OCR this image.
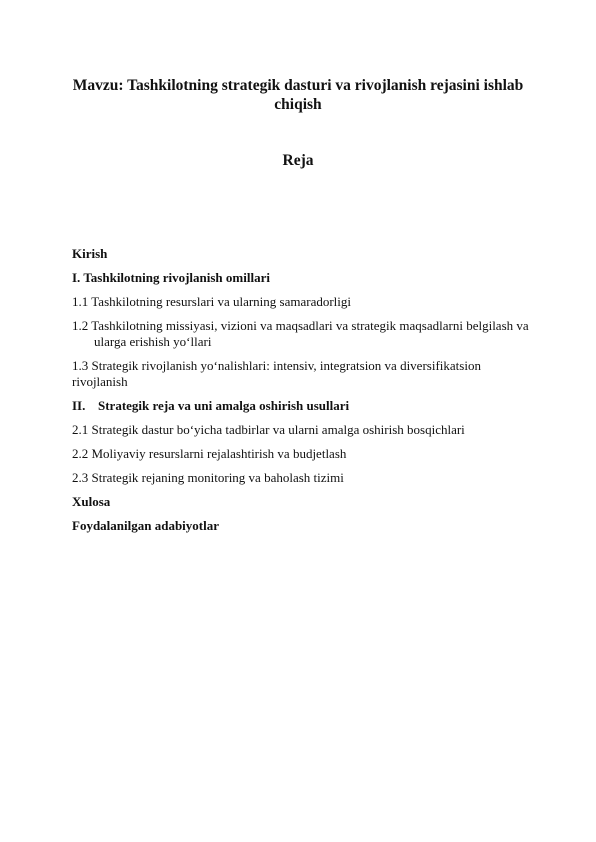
Mavzu: Tashkilotning strategik dasturi va rivojlanish rejasini ishlab chiqish
Reja

Kirish

I. Tashkilotning rivojlanish omillari

1.1 Tashkilotning resurslari va ularning samaradorligi

1.2 Tashkilotning missiyasi, vizioni va maqsadlari va strategik maqsadlarni belgilash va ularga erishish yo‘llari

1.3 Strategik rivojlanish yo‘nalishlari: intensiv, integratsion va diversifikatsion rivojlanish

II. Strategik reja va uni amalga oshirish usullari

2.1 Strategik dastur bo‘yicha tadbirlar va ularni amalga oshirish bosqichlari

2.2 Moliyaviy resurslarni rejalashtirish va budjetlash

2.3 Strategik rejaning monitoring va baholash tizimi

Xulosa

Foydalanilgan adabiyotlar
